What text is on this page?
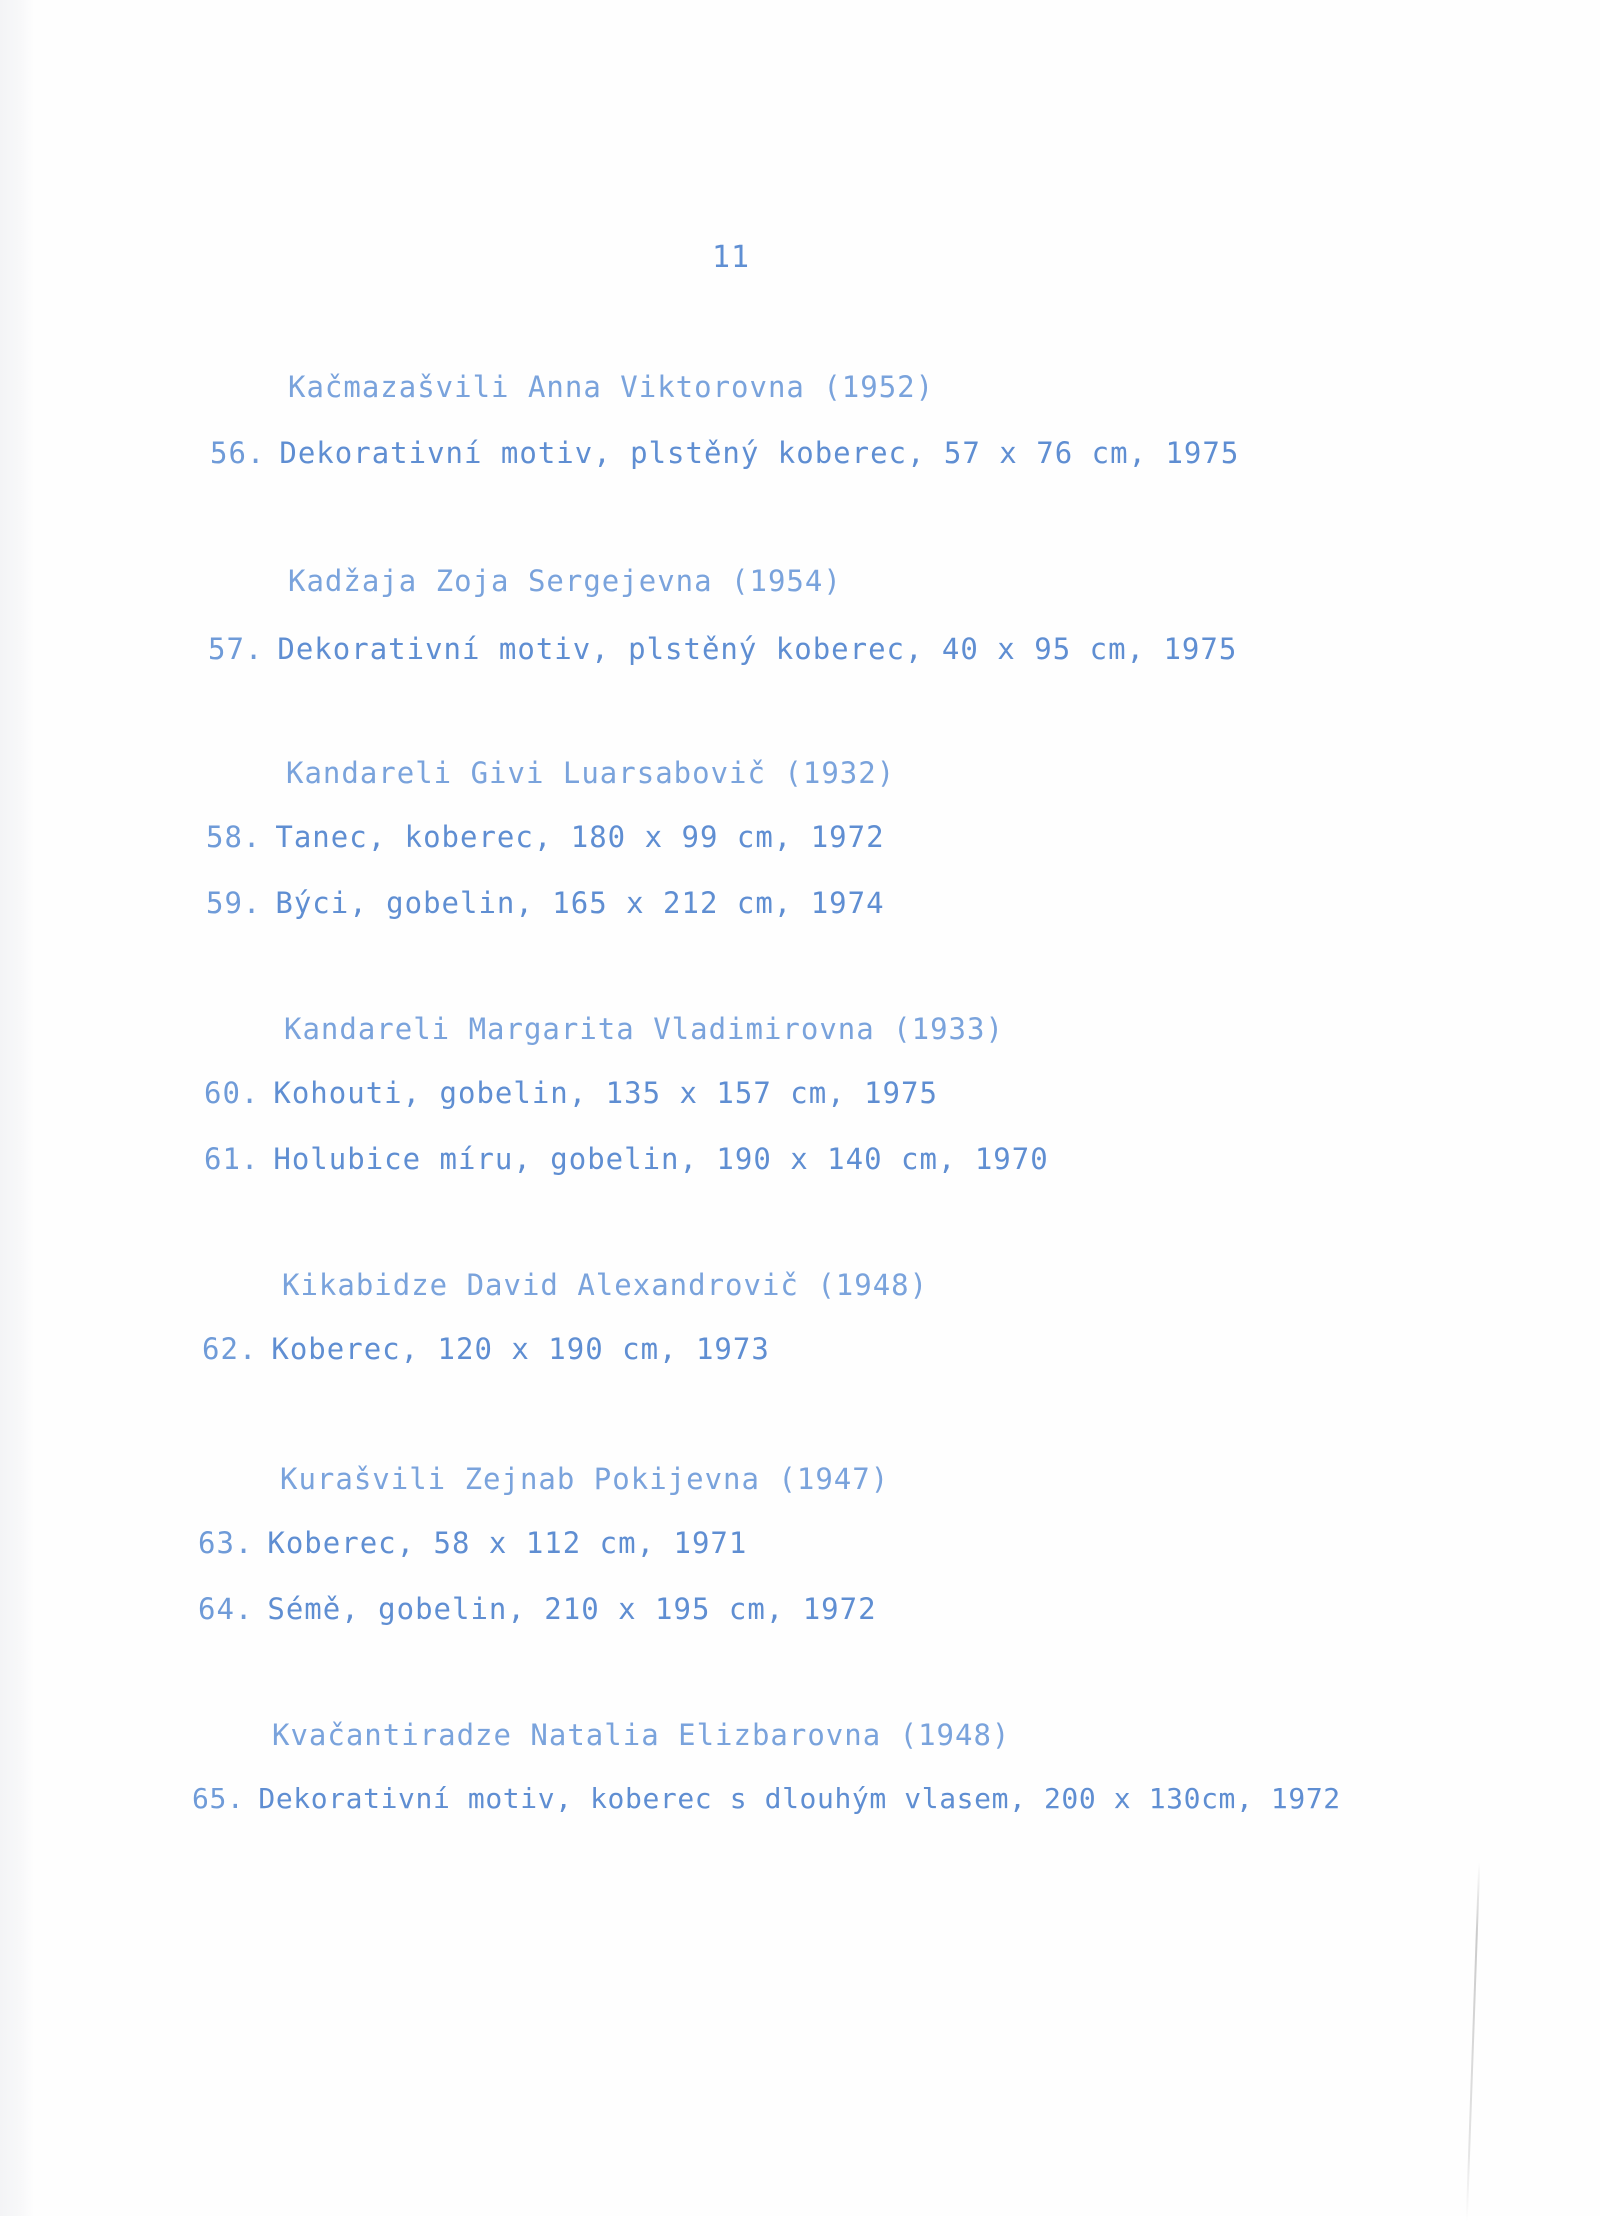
11
Kačmazašvili Anna Viktorovna (1952)
56. Dekorativní motiv, plstěný koberec, 57 x 76 cm, 1975
Kadžaja Zoja Sergejevna (1954)
57. Dekorativní motiv, plstěný koberec, 40 x 95 cm, 1975
Kandareli Givi Luarsabovič (1932)
58. Tanec, koberec, 180 x 99 cm, 1972
59. Býci, gobelin, 165 x 212 cm, 1974
Kandareli Margarita Vladimirovna (1933)
60. Kohouti, gobelin, 135 x 157 cm, 1975
61. Holubice míru, gobelin, 190 x 140 cm, 1970
Kikabidze David Alexandrovič (1948)
62. Koberec, 120 x 190 cm, 1973
Kurašvili Zejnab Pokijevna (1947)
63. Koberec, 58 x 112 cm, 1971
64. Sémě, gobelin, 210 x 195 cm, 1972
Kvačantiradze Natalia Elizbarovna (1948)
65. Dekorativní motiv, koberec s dlouhým vlasem, 200 x 130cm, 1972
